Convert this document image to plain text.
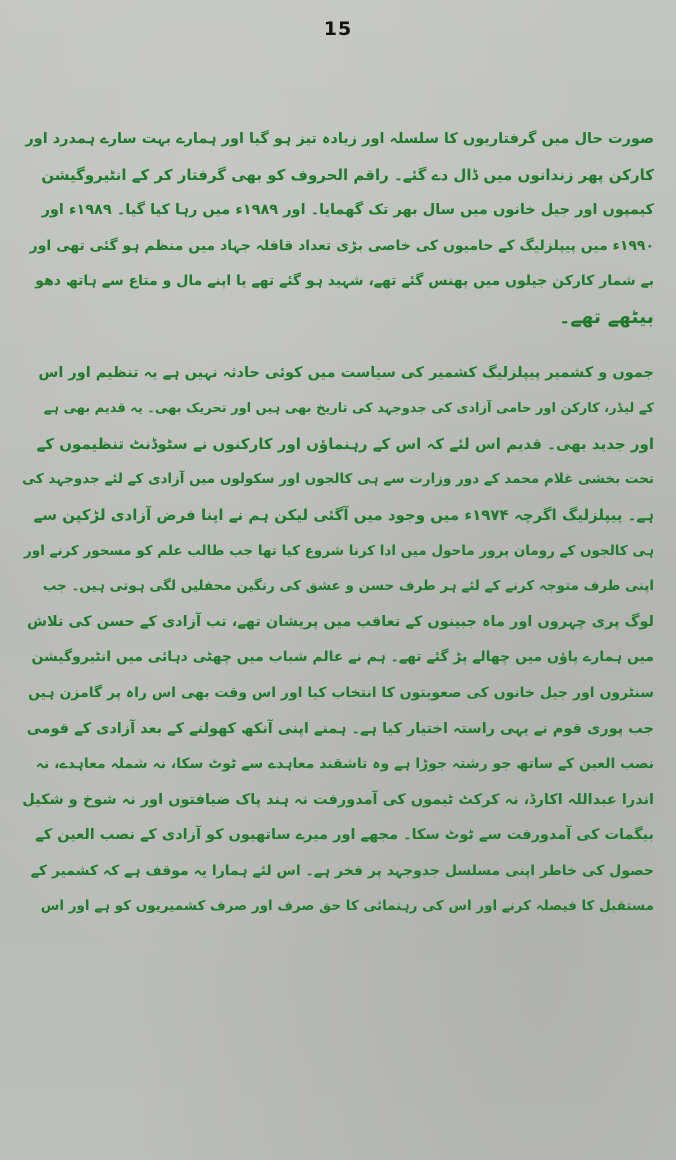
15

صورت حال میں گرفتاریوں کا سلسلہ اور زیادہ تیز ہو گیا اور ہمارے بہت سارے ہمدرد اور
کارکن پھر زندانوں میں ڈال دے گئے۔ راقم الحروف کو بھی گرفتار کر کے انٹیروگیشن
کیمپوں اور جیل خانوں میں سال بھر تک گھمایا۔ اور ۱۹۸۹ء میں رہا کیا گیا۔ ۱۹۸۹ء اور
۱۹۹۰ء میں پیپلزلیگ کے حامیوں کی خاصی بڑی تعداد قافلہ جہاد میں منظم ہو گئی تھی اور
بے شمار کارکن جیلوں میں پھنس گئے تھے، شہید ہو گئے تھے یا اپنے مال و متاع سے ہاتھ دھو
بیٹھے تھے۔

جموں و کشمیر پیپلزلیگ کشمیر کی سیاست میں کوئی حادثہ نہیں ہے یہ تنظیم اور اس
کے لیڈر، کارکن اور حامی آزادی کی جدوجہد کی تاریخ بھی ہیں اور تحریک بھی۔ یہ قدیم بھی ہے
اور جدید بھی۔ قدیم اس لئے کہ اس کے رہنماؤں اور کارکنوں نے سٹوڈنٹ تنظیموں کے
تحت بخشی غلام محمد کے دور وزارت سے ہی کالجوں اور سکولوں میں آزادی کے لئے جدوجہد کی
ہے۔ پیپلزلیگ اگرچہ ۱۹۷۴ء میں وجود میں آگئی لیکن ہم نے اپنا فرض آزادی لڑکپن سے
ہی کالجوں کے رومان پرور ماحول میں ادا کرنا شروع کیا تھا جب طالب علم کو مسحور کرنے اور
اپنی طرف متوجہ کرنے کے لئے ہر طرف حسن و عشق کی رنگین محفلیں لگی ہوتی ہیں۔ جب
لوگ پری چہروں اور ماہ جبینوں کے تعاقب میں پریشان تھے، تب آزادی کے حسن کی تلاش
میں ہمارے پاؤں میں چھالے پڑ گئے تھے۔ ہم نے عالم شباب میں چھٹی دہائی میں انٹیروگیشن
سنٹروں اور جیل خانوں کی صعوبتوں کا انتخاب کیا اور اس وقت بھی اس راہ پر گامزن ہیں
جب پوری قوم نے یہی راستہ اختیار کیا ہے۔ ہمنے اپنی آنکھ کھولنے کے بعد آزادی کے قومی
نصب العین کے ساتھ جو رشتہ جوڑا ہے وہ تاشقند معاہدے سے ٹوٹ سکا، نہ شملہ معاہدے، نہ
اندرا عبداللہ اکارڈ، نہ کرکٹ ٹیموں کی آمدورفت نہ ہند پاک ضیافتوں اور نہ شوخ و شکیل
بیگمات کی آمدورفت سے ٹوٹ سکا۔ مجھے اور میرے ساتھیوں کو آزادی کے نصب العین کے
حصول کی خاطر اپنی مسلسل جدوجہد پر فخر ہے۔ اس لئے ہمارا یہ موقف ہے کہ کشمیر کے
مستقبل کا فیصلہ کرنے اور اس کی رہنمائی کا حق صرف اور صرف کشمیریوں کو ہے اور اس
